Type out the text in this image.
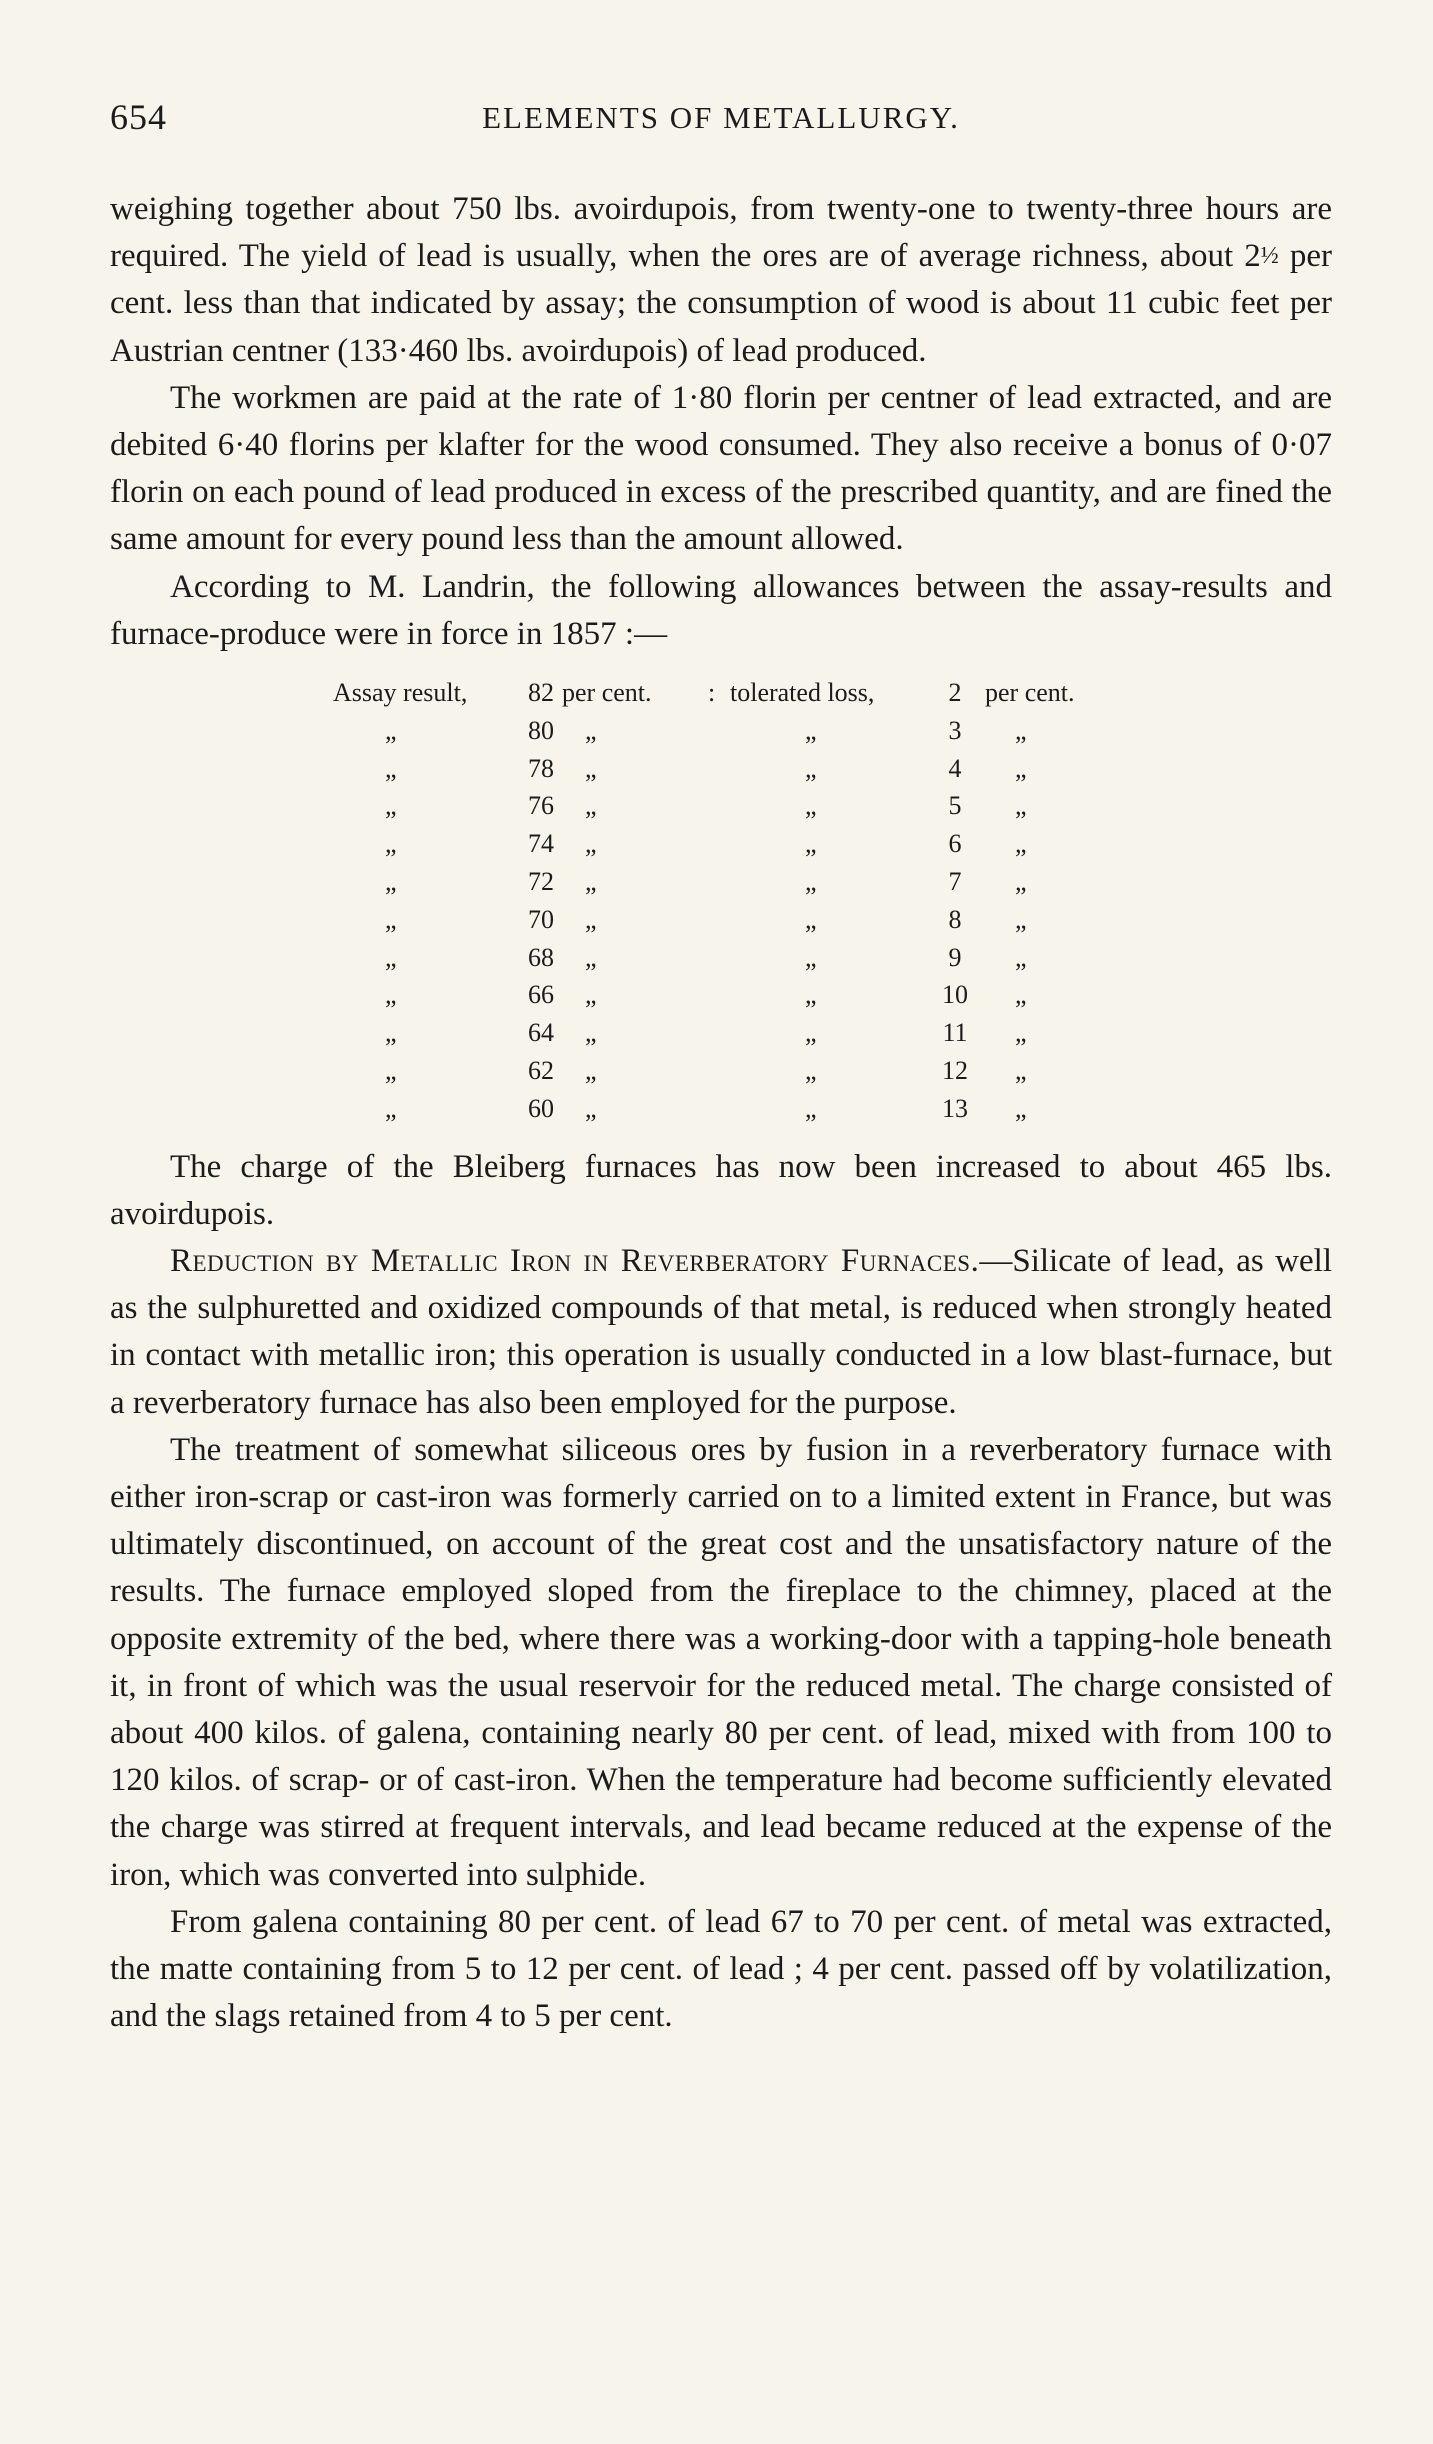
654	ELEMENTS OF METALLURGY.

weighing together about 750 lbs. avoirdupois, from twenty-one to twenty-three hours are required. The yield of lead is usually, when the ores are of average richness, about 2½ per cent. less than that indicated by assay; the consumption of wood is about 11 cubic feet per Austrian centner (133·460 lbs. avoirdupois) of lead produced.

The workmen are paid at the rate of 1·80 florin per centner of lead extracted, and are debited 6·40 florins per klafter for the wood consumed. They also receive a bonus of 0·07 florin on each pound of lead produced in excess of the prescribed quantity, and are fined the same amount for every pound less than the amount allowed.

According to M. Landrin, the following allowances between the assay-results and furnace-produce were in force in 1857 :—

Assay result,	82 per cent. : tolerated loss,	2 per cent.
„	80	„	„	3	„
„	78	„	„	4	„
„	76	„	„	5	„
„	74	„	„	6	„
„	72	„	„	7	„
„	70	„	„	8	„
„	68	„	„	9	„
„	66	„	„	10	„
„	64	„	„	11	„
„	62	„	„	12	„
„	60	„	„	13	„

The charge of the Bleiberg furnaces has now been increased to about 465 lbs. avoirdupois.

Reduction by Metallic Iron in Reverberatory Furnaces.—Silicate of lead, as well as the sulphuretted and oxidized compounds of that metal, is reduced when strongly heated in contact with metallic iron; this operation is usually conducted in a low blast-furnace, but a reverberatory furnace has also been employed for the purpose.

The treatment of somewhat siliceous ores by fusion in a reverberatory furnace with either iron-scrap or cast-iron was formerly carried on to a limited extent in France, but was ultimately discontinued, on account of the great cost and the unsatisfactory nature of the results. The furnace employed sloped from the fireplace to the chimney, placed at the opposite extremity of the bed, where there was a working-door with a tapping-hole beneath it, in front of which was the usual reservoir for the reduced metal. The charge consisted of about 400 kilos. of galena, containing nearly 80 per cent. of lead, mixed with from 100 to 120 kilos. of scrap- or of cast-iron. When the temperature had become sufficiently elevated the charge was stirred at frequent intervals, and lead became reduced at the expense of the iron, which was converted into sulphide.

From galena containing 80 per cent. of lead 67 to 70 per cent. of metal was extracted, the matte containing from 5 to 12 per cent. of lead ; 4 per cent. passed off by volatilization, and the slags retained from 4 to 5 per cent.
